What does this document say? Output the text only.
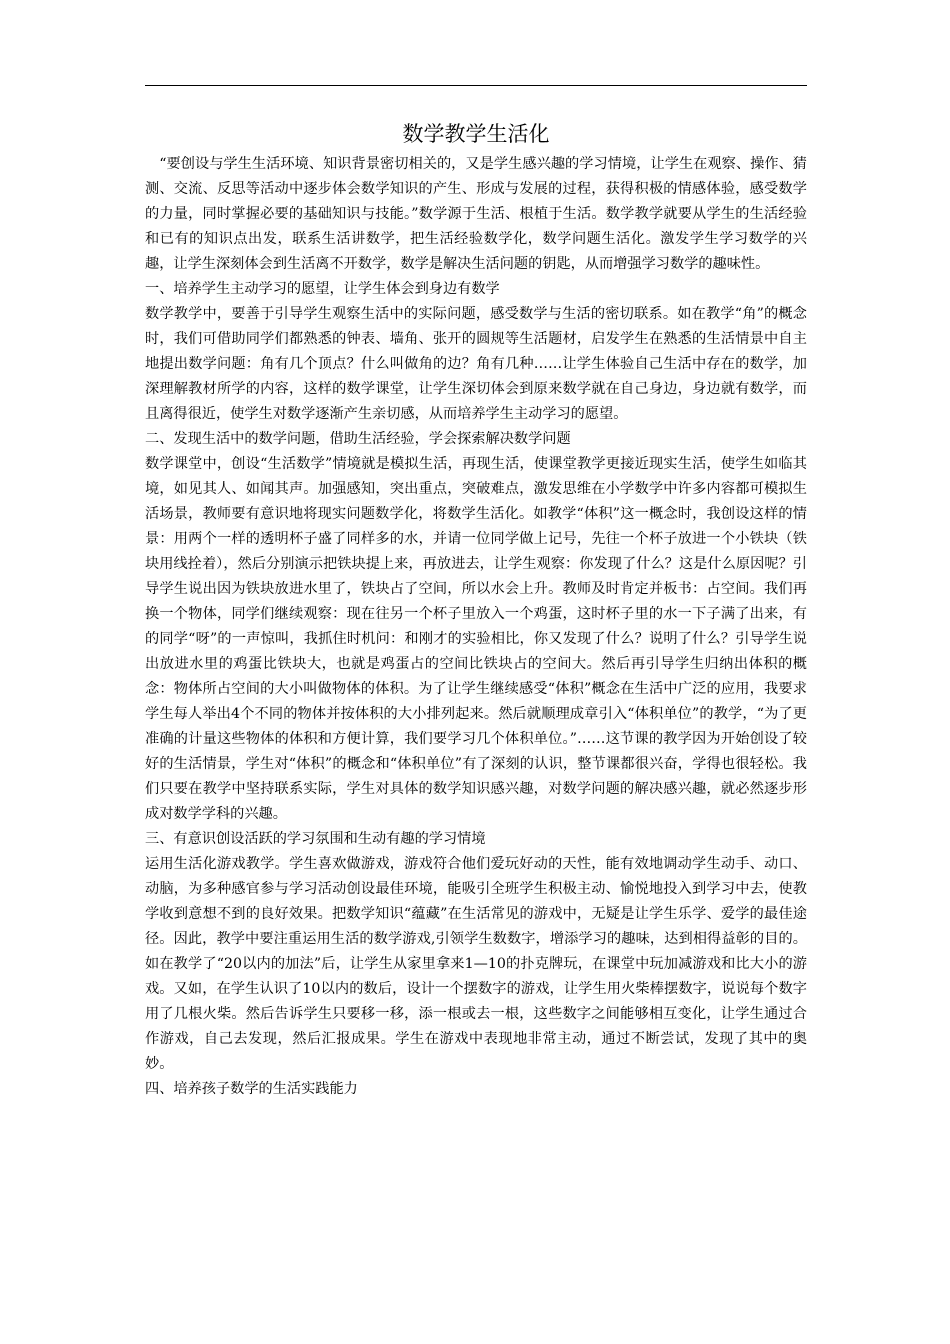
数学教学生活化

“要创设与学生生活环境、知识背景密切相关的，又是学生感兴趣的学习情境，让学生在观察、操作、猜测、交流、反思等活动中逐步体会数学知识的产生、形成与发展的过程，获得积极的情感体验，感受数学的力量，同时掌握必要的基础知识与技能。”数学源于生活、根植于生活。数学教学就要从学生的生活经验和已有的知识点出发，联系生活讲数学，把生活经验数学化，数学问题生活化。激发学生学习数学的兴趣，让学生深刻体会到生活离不开数学，数学是解决生活问题的钥匙，从而增强学习数学的趣味性。

一、培养学生主动学习的愿望，让学生体会到身边有数学

数学教学中，要善于引导学生观察生活中的实际问题，感受数学与生活的密切联系。如在教学“角”的概念时，我们可借助同学们都熟悉的钟表、墙角、张开的圆规等生活题材，启发学生在熟悉的生活情景中自主地提出数学问题：角有几个顶点？什么叫做角的边？角有几种……让学生体验自己生活中存在的数学，加深理解教材所学的内容，这样的数学课堂，让学生深切体会到原来数学就在自己身边，身边就有数学，而且离得很近，使学生对数学逐渐产生亲切感，从而培养学生主动学习的愿望。

二、发现生活中的数学问题，借助生活经验，学会探索解决数学问题

数学课堂中，创设“生活数学”情境就是模拟生活，再现生活，使课堂教学更接近现实生活，使学生如临其境，如见其人、如闻其声。加强感知，突出重点，突破难点，激发思维在小学数学中许多内容都可模拟生活场景，教师要有意识地将现实问题数学化，将数学生活化。如教学“体积”这一概念时，我创设这样的情景：用两个一样的透明杯子盛了同样多的水，并请一位同学做上记号，先往一个杯子放进一个小铁块（铁块用线拴着），然后分别演示把铁块提上来，再放进去，让学生观察：你发现了什么？这是什么原因呢？引导学生说出因为铁块放进水里了，铁块占了空间，所以水会上升。教师及时肯定并板书：占空间。我们再换一个物体，同学们继续观察：现在往另一个杯子里放入一个鸡蛋，这时杯子里的水一下子满了出来，有的同学“呀”的一声惊叫，我抓住时机问：和刚才的实验相比，你又发现了什么？说明了什么？引导学生说出放进水里的鸡蛋比铁块大，也就是鸡蛋占的空间比铁块占的空间大。然后再引导学生归纳出体积的概念：物体所占空间的大小叫做物体的体积。为了让学生继续感受“体积”概念在生活中广泛的应用，我要求学生每人举出4个不同的物体并按体积的大小排列起来。然后就顺理成章引入“体积单位”的教学，“为了更准确的计量这些物体的体积和方便计算，我们要学习几个体积单位。”……这节课的教学因为开始创设了较好的生活情景，学生对“体积”的概念和“体积单位”有了深刻的认识，整节课都很兴奋，学得也很轻松。我们只要在教学中坚持联系实际，学生对具体的数学知识感兴趣，对数学问题的解决感兴趣，就必然逐步形成对数学学科的兴趣。

三、有意识创设活跃的学习氛围和生动有趣的学习情境

运用生活化游戏教学。学生喜欢做游戏，游戏符合他们爱玩好动的天性，能有效地调动学生动手、动口、动脑，为多种感官参与学习活动创设最佳环境，能吸引全班学生积极主动、愉悦地投入到学习中去，使教学收到意想不到的良好效果。把数学知识“蕴藏”在生活常见的游戏中，无疑是让学生乐学、爱学的最佳途径。因此，教学中要注重运用生活的数学游戏,引领学生数数字，增添学习的趣味，达到相得益彰的目的。如在教学了“20以内的加法”后，让学生从家里拿来1—10的扑克牌玩，在课堂中玩加减游戏和比大小的游戏。又如，在学生认识了10以内的数后，设计一个摆数字的游戏，让学生用火柴棒摆数字，说说每个数字用了几根火柴。然后告诉学生只要移一移，添一根或去一根，这些数字之间能够相互变化，让学生通过合作游戏，自己去发现，然后汇报成果。学生在游戏中表现地非常主动，通过不断尝试，发现了其中的奥妙。

四、培养孩子数学的生活实践能力
